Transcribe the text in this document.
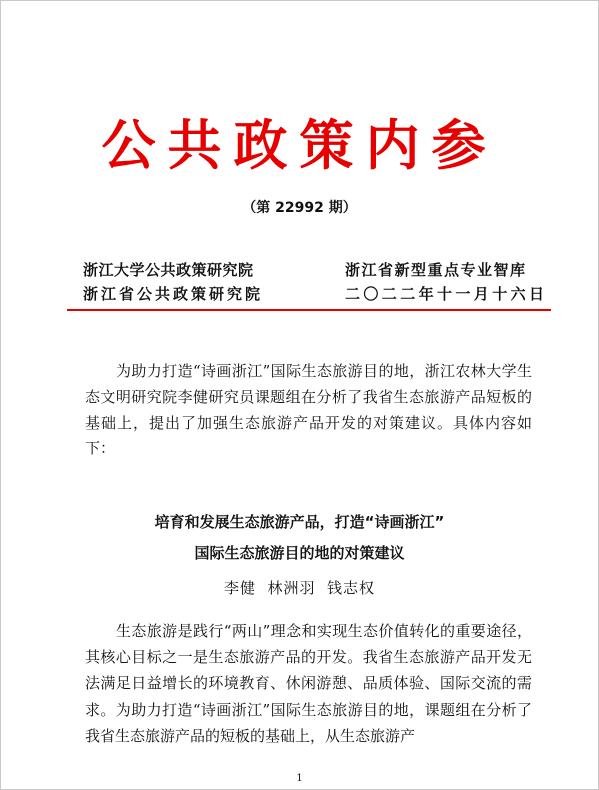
公共政策内参
（第 22992 期）
浙江大学公共政策研究院
浙江省公共政策研究院
浙江省新型重点专业智库
二〇二二年十一月十六日

为助力打造“诗画浙江”国际生态旅游目的地，浙江农林大学生态文明研究院李健研究员课题组在分析了我省生态旅游产品短板的基础上，提出了加强生态旅游产品开发的对策建议。具体内容如下：

培育和发展生态旅游产品，打造“诗画浙江”
国际生态旅游目的地的对策建议
李健  林洲羽  钱志权

生态旅游是践行“两山”理念和实现生态价值转化的重要途径，其核心目标之一是生态旅游产品的开发。我省生态旅游产品开发无法满足日益增长的环境教育、休闲游憩、品质体验、国际交流的需求。为助力打造“诗画浙江”国际生态旅游目的地，课题组在分析了我省生态旅游产品的短板的基础上，从生态旅游产

1
